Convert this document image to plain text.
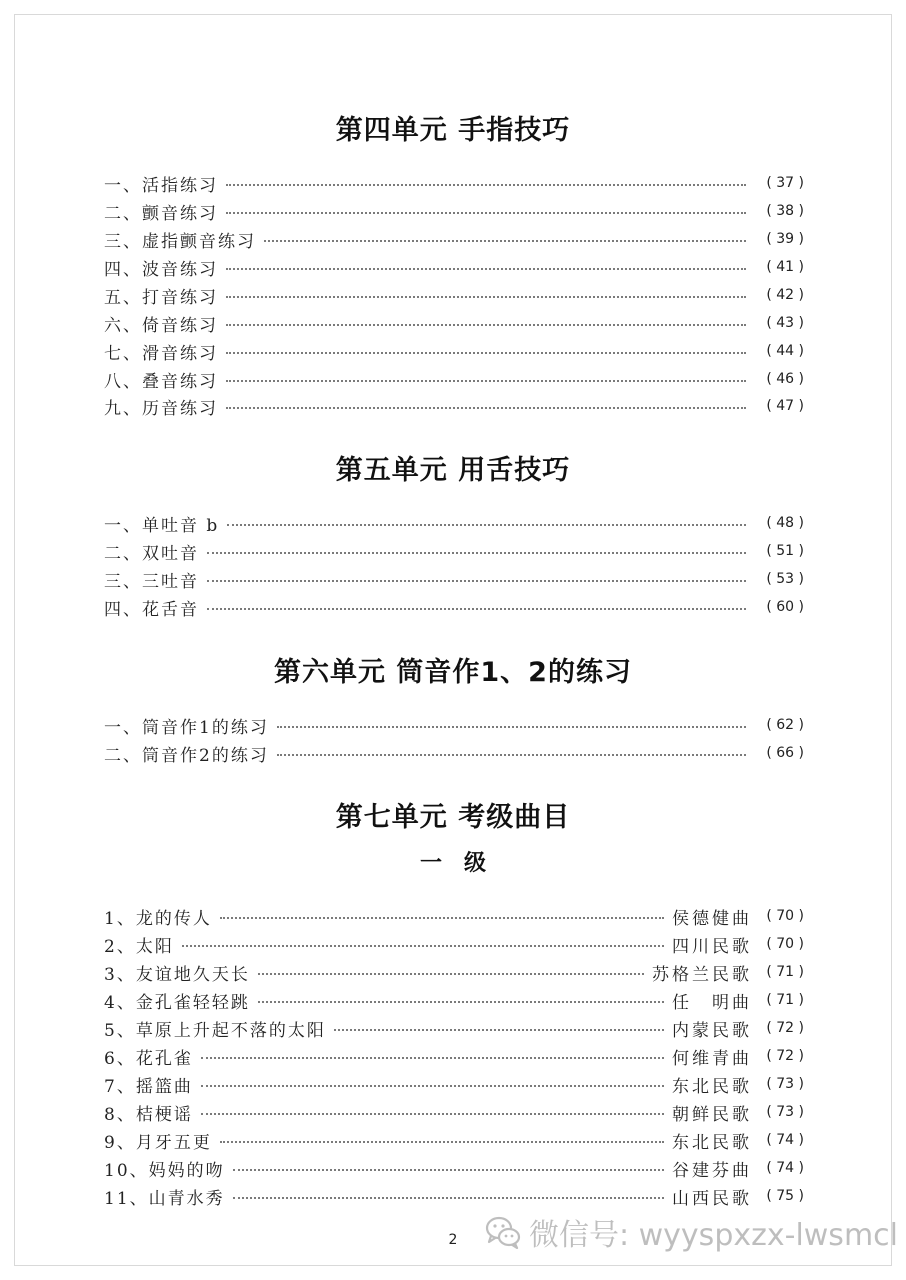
第四单元 手指技巧
一、活指练习	( 37 )
二、颤音练习	( 38 )
三、虚指颤音练习	( 39 )
四、波音练习	( 41 )
五、打音练习	( 42 )
六、倚音练习	( 43 )
七、滑音练习	( 44 )
八、叠音练习	( 46 )
九、历音练习	( 47 )
第五单元 用舌技巧
一、单吐音 b	( 48 )
二、双吐音	( 51 )
三、三吐音	( 53 )
四、花舌音	( 60 )
第六单元 筒音作1、2的练习
一、筒音作1的练习	( 62 )
二、筒音作2的练习	( 66 )
第七单元 考级曲目
一　级
1、龙的传人	侯德健曲	( 70 )
2、太阳	四川民歌	( 70 )
3、友谊地久天长	苏格兰民歌	( 71 )
4、金孔雀轻轻跳	任　明曲	( 71 )
5、草原上升起不落的太阳	内蒙民歌	( 72 )
6、花孔雀	何维青曲	( 72 )
7、摇篮曲	东北民歌	( 73 )
8、桔梗谣	朝鲜民歌	( 73 )
9、月牙五更	东北民歌	( 74 )
10、妈妈的吻	谷建芬曲	( 74 )
11、山青水秀	山西民歌	( 75 )
2 微信号: wyyspxzx-lwsmcl
